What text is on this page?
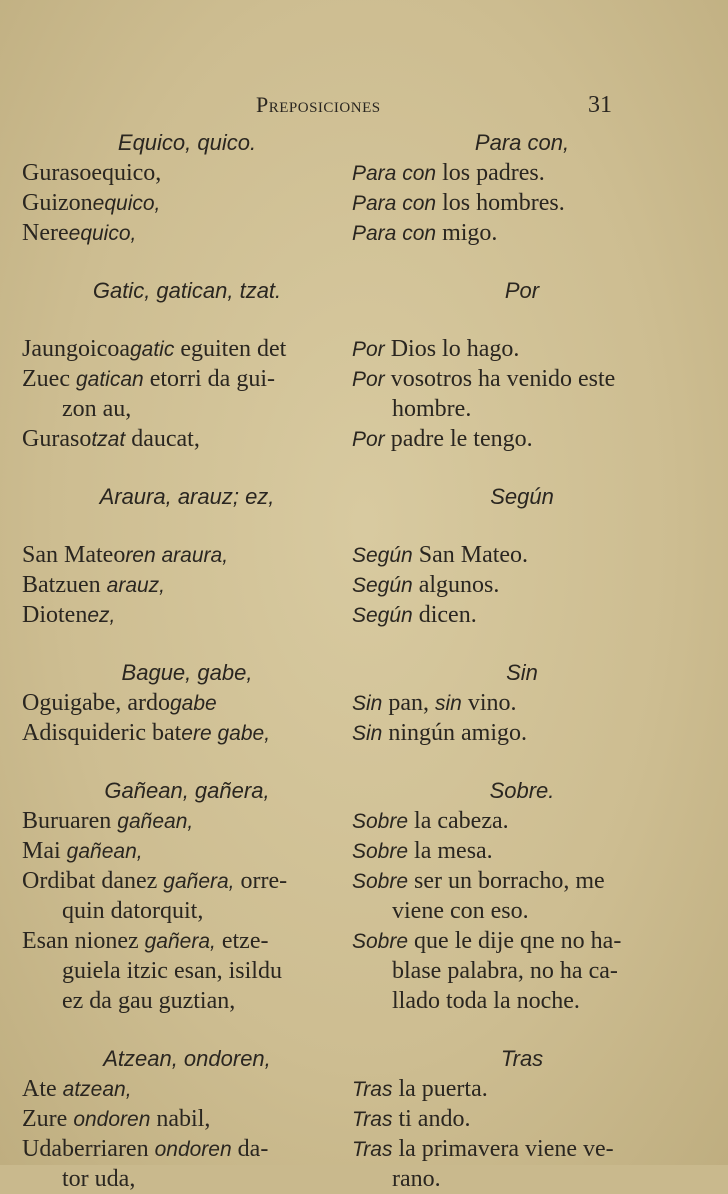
Preposiciones	31
Equico, quico.
Gurasoequico,
Guizonequico,
Nereequico,
Gatic, gatican, tzat.
Jaungoicoagatic eguiten det
Zuec gatican etorri da gui-
zon au,
Gurasotzat daucat,
Araura, arauz; ez,
San Mateoren araura,
Batzuen arauz,
Diotenez,
Bague, gabe,
Oguigabe, ardogabe
Adisquideric batere gabe,
Gañean, gañera,
Buruaren gañean,
Mai gañean,
Ordibat danez gañera, orre-
quin datorquit,
Esan nionez gañera, etze-
guiela itzic esan, isildu
ez da gau guztian,
Atzean, ondoren,
Ate atzean,
Zure ondoren nabil,
Udaberriaren ondoren da-
tor uda,
Para con,
Para con los padres.
Para con los hombres.
Para con migo.
Por
Por Dios lo hago.
Por vosotros ha venido este
hombre.
Por padre le tengo.
Según
Según San Mateo.
Según algunos.
Según dicen.
Sin
Sin pan, sin vino.
Sin ningún amigo.
Sobre.
Sobre la cabeza.
Sobre la mesa.
Sobre ser un borracho, me
viene con eso.
Sobre que le dije qne no ha-
blase palabra, no ha ca-
llado toda la noche.
Tras
Tras la puerta.
Tras ti ando.
Tras la primavera viene ve-
rano.
